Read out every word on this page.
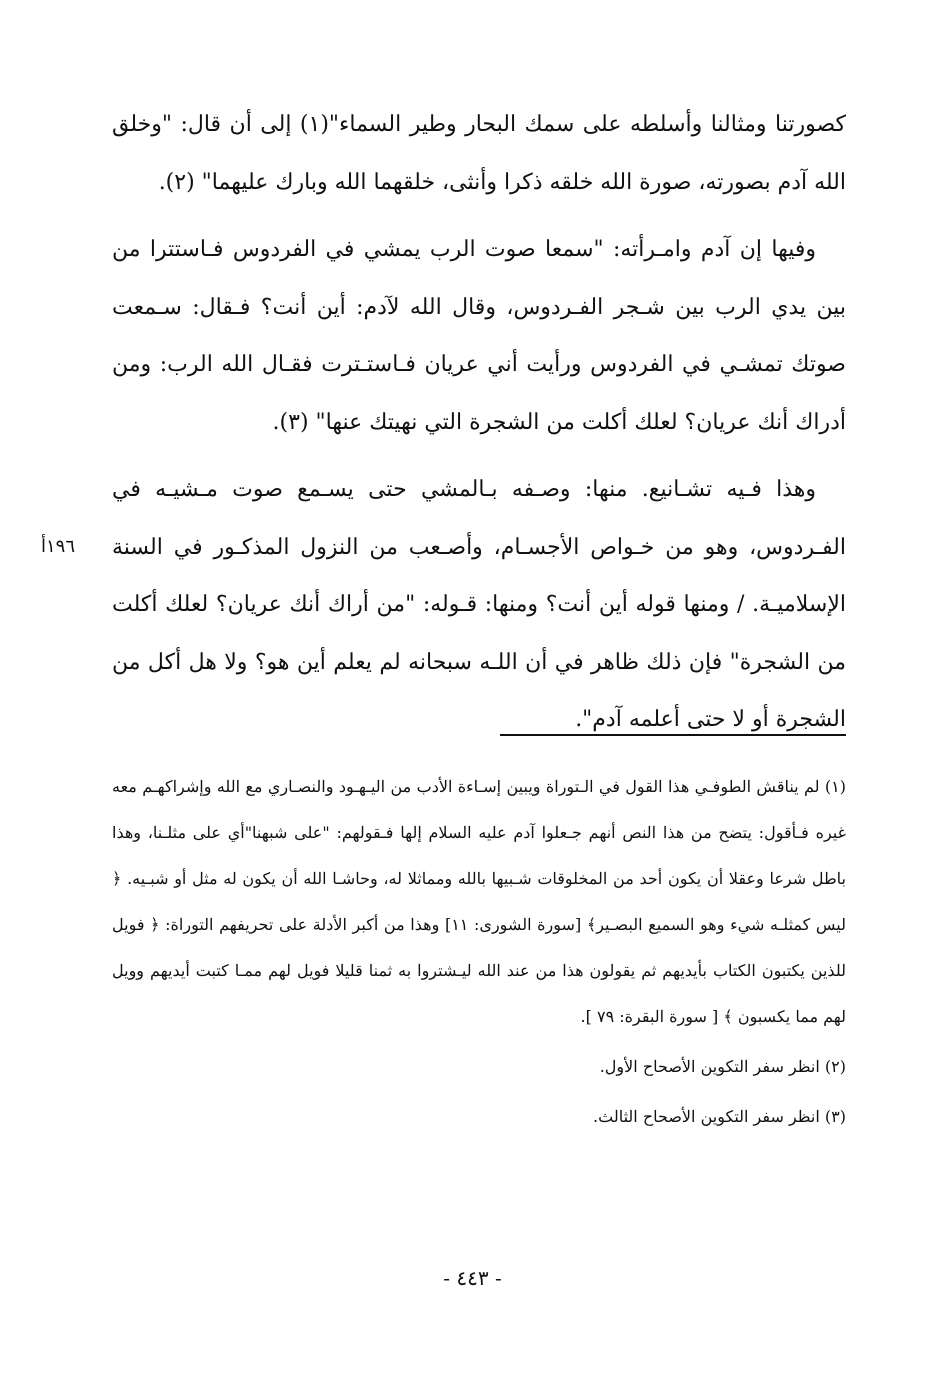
كصورتنا ومثالنا وأسلطه على سمك البحار وطير السماء"(١) إلى أن قال: "وخلق الله آدم بصورته، صورة الله خلقه ذكرا وأنثى، خلقهما الله وبارك عليهما" (٢).

وفيها إن آدم وامـرأته: "سمعا صوت الرب يمشي في الفردوس فـاستترا من بين يدي الرب بين شـجر الفـردوس، وقال الله لآدم: أين أنت؟ فـقال: سـمعت صوتك تمشـي في الفردوس ورأيت أني عريان فـاستـترت فقـال الله الرب: ومن أدراك أنك عريان؟ لعلك أكلت من الشجرة التي نهيتك عنها" (٣).

وهذا فـيه تشـانيع. منها: وصـفه بـالمشي حتى يسـمع صوت مـشيـه في الفـردوس، وهو من خـواص الأجسـام، وأصـعب من النزول المذكـور في السنة الإسلاميـة. / ومنها قوله أين أنت؟ ومنها: قـوله: "من أراك أنك عريان؟ لعلك أكلت من الشجرة" فإن ذلك ظاهر في أن اللـه سبحانه لم يعلم أين هو؟ ولا هل أكل من الشجرة أو لا حتى أعلمه آدم".

١٩٦أ

(١) لم يناقش الطوفـي هذا القول في الـتوراة ويبين إسـاءة الأدب من اليـهـود والنصـاري مع الله وإشراكهـم معه غيره فـأقول: يتضح من هذا النص أنهم جـعلوا آدم عليه السلام إلها فـقولهم: "على شبهنا"أي على مثلـنا، وهذا باطل شرعا وعقلا أن يكون أحد من المخلوقات شـبيها بالله ومماثلا له، وحاشـا الله أن يكون له مثل أو شبـيه. ﴿ ليس كمثلـه شيء وهو السميع البصـير﴾ [سورة الشورى: ١١] وهذا من أكبر الأدلة على تحريفهم التوراة: ﴿ فويل للذين يكتبون الكتاب بأيديهم ثم يقولون هذا من عند الله ليـشتروا به ثمنا قليلا فويل لهم ممـا كتبت أيديهم وويل لهم مما يكسبون ﴾ [ سورة البقرة: ٧٩ ].

(٢) انظر سفر التكوين الأصحاح الأول.

(٣) انظر سفر التكوين الأصحاح الثالث.

- ٤٤٣ -
